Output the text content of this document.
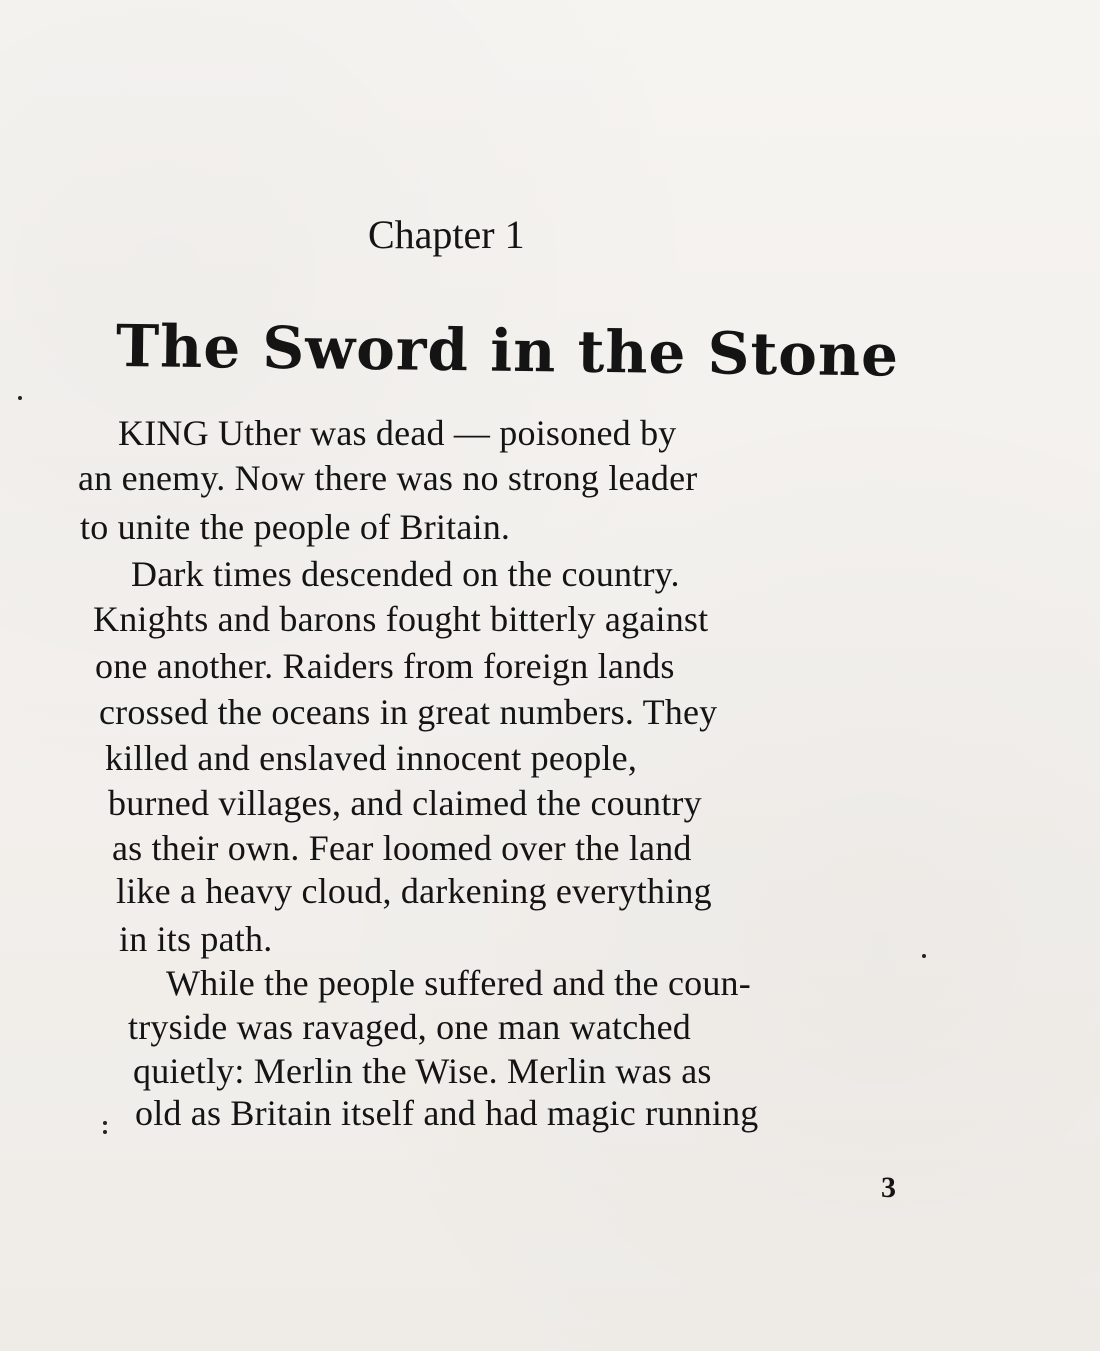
Chapter 1
The Sword in the Stone
KING Uther was dead — poisoned by
an enemy. Now there was no strong leader
to unite the people of Britain.
Dark times descended on the country.
Knights and barons fought bitterly against
one another. Raiders from foreign lands
crossed the oceans in great numbers. They
killed and enslaved innocent people,
burned villages, and claimed the country
as their own. Fear loomed over the land
like a heavy cloud, darkening everything
in its path.
While the people suffered and the coun-
tryside was ravaged, one man watched
quietly: Merlin the Wise. Merlin was as
old as Britain itself and had magic running
3
